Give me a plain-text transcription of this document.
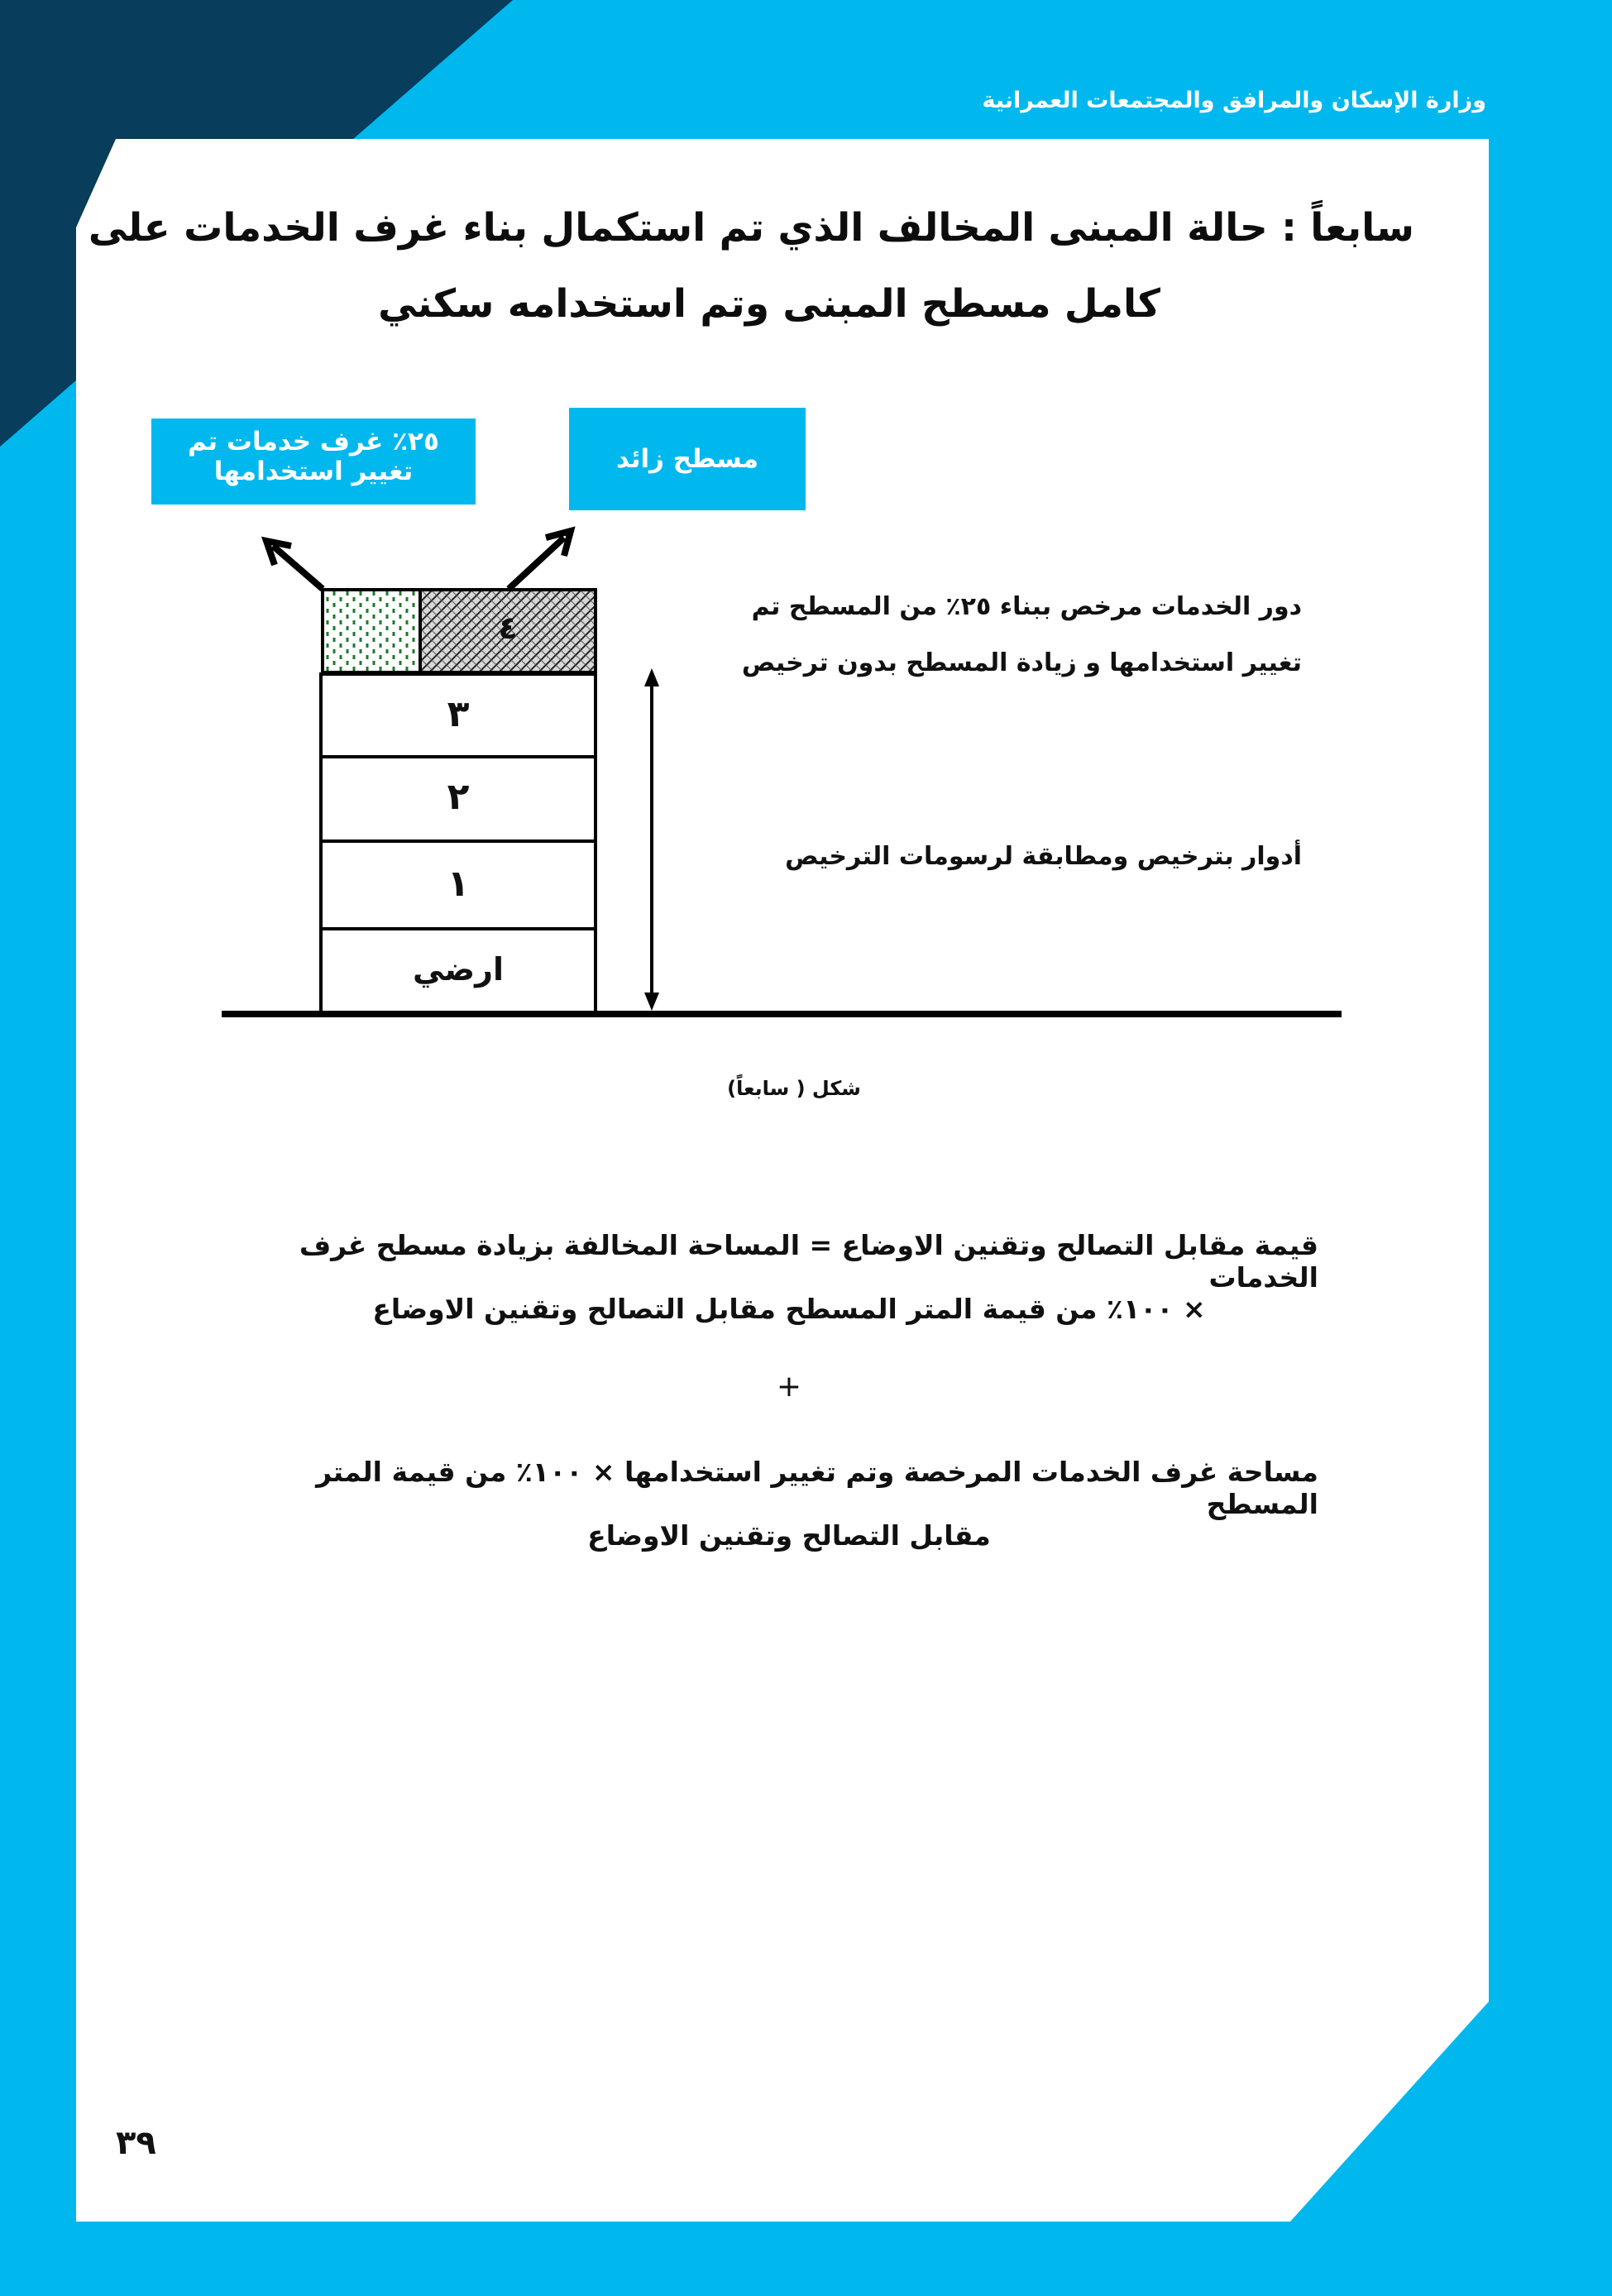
وزارة الإسكان والمرافق والمجتمعات العمرانية
سابعاً : حالة المبنى المخالف الذي تم استكمال بناء غرف الخدمات على
كامل مسطح المبنى وتم استخدامه سكني
٢٥٪ غرف خدمات تم
تغيير استخدامها	مسطح زائد
٤
٣
٢
١
ارضي
دور الخدمات مرخص ببناء ٢٥٪ من المسطح تم
تغيير استخدامها و زيادة المسطح بدون ترخيص
أدوار بترخيص ومطابقة لرسومات الترخيص
شكل ( سابعاً)
قيمة مقابل التصالح وتقنين الاوضاع = المساحة المخالفة بزيادة مسطح غرف الخدمات
× ١٠٠٪ من قيمة المتر المسطح مقابل التصالح وتقنين الاوضاع
+
مساحة غرف الخدمات المرخصة وتم تغيير استخدامها × ١٠٠٪ من قيمة المتر المسطح
مقابل التصالح وتقنين الاوضاع
٣٩
